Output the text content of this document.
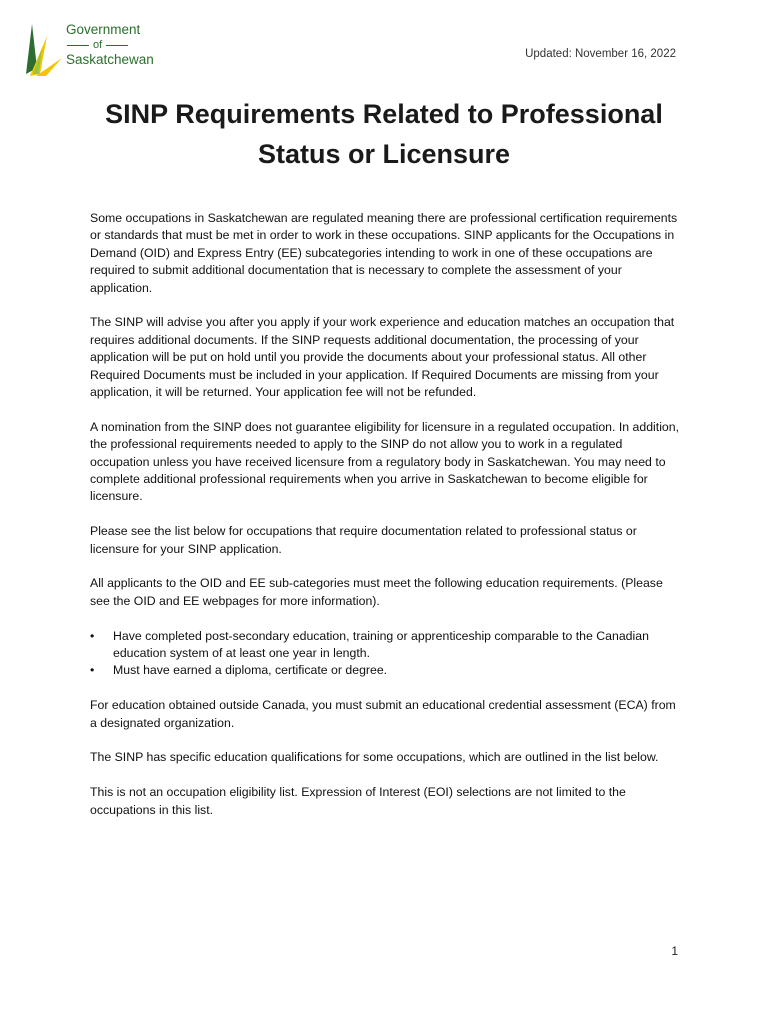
Government
of
Saskatchewan	Updated: November 16, 2022
SINP Requirements Related to Professional
Status or Licensure

Some occupations in Saskatchewan are regulated meaning there are professional certification requirements or standards that must be met in order to work in these occupations. SINP applicants for the Occupations in Demand (OID) and Express Entry (EE) subcategories intending to work in one of these occupations are required to submit additional documentation that is necessary to complete the assessment of your application.

The SINP will advise you after you apply if your work experience and education matches an occupation that requires additional documents. If the SINP requests additional documentation, the processing of your application will be put on hold until you provide the documents about your professional status. All other Required Documents must be included in your application. If Required Documents are missing from your application, it will be returned. Your application fee will not be refunded.

A nomination from the SINP does not guarantee eligibility for licensure in a regulated occupation. In addition, the professional requirements needed to apply to the SINP do not allow you to work in a regulated occupation unless you have received licensure from a regulatory body in Saskatchewan. You may need to complete additional professional requirements when you arrive in Saskatchewan to become eligible for licensure.

Please see the list below for occupations that require documentation related to professional status or licensure for your SINP application.

All applicants to the OID and EE sub-categories must meet the following education requirements. (Please see the OID and EE webpages for more information).

• Have completed post-secondary education, training or apprenticeship comparable to the Canadian education system of at least one year in length.
• Must have earned a diploma, certificate or degree.

For education obtained outside Canada, you must submit an educational credential assessment (ECA) from a designated organization.

The SINP has specific education qualifications for some occupations, which are outlined in the list below.

This is not an occupation eligibility list. Expression of Interest (EOI) selections are not limited to the occupations in this list.

1
